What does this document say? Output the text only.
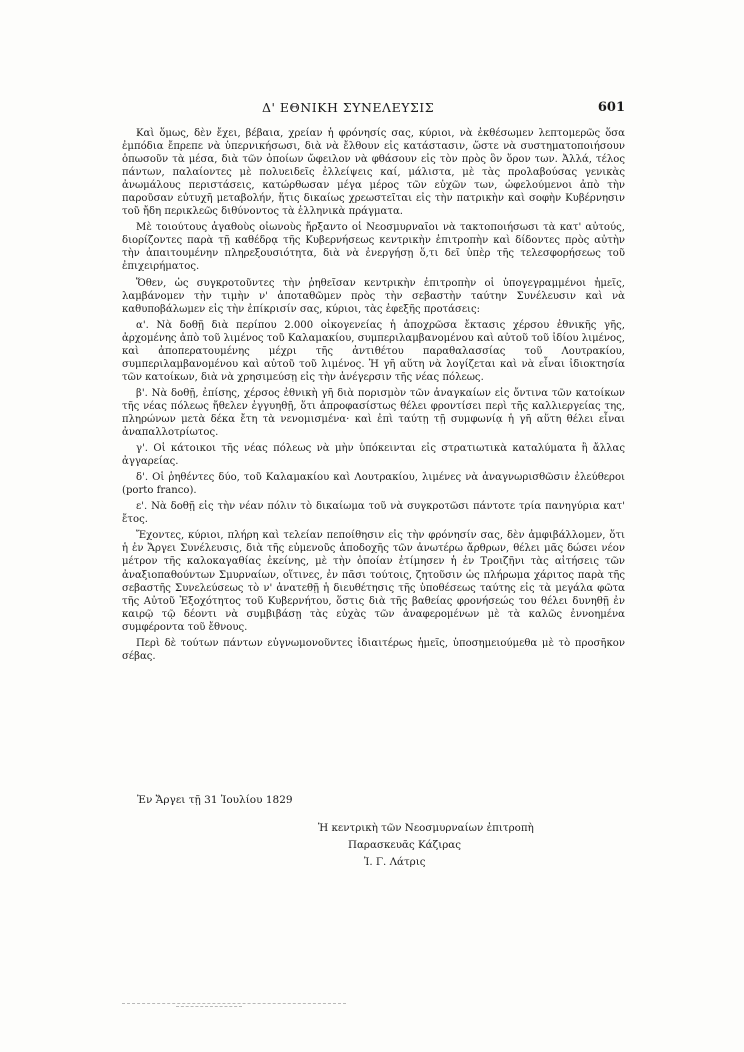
Δ' ΕΘΝΙΚΗ ΣΥΝΕΛΕΥΣΙΣ	601

Καὶ ὅμως, δὲν ἔχει, βέβαια, χρείαν ἡ φρόνησίς σας, κύριοι, νὰ ἐκθέσωμεν λεπτομερῶς ὅσα ἐμπόδια ἔπρεπε νὰ ὑπερνικήσωσι, διὰ νὰ ἔλθουν εἰς κατάστασιν, ὥστε νὰ συστηματοποιήσουν ὁπωσοῦν τὰ μέσα, διὰ τῶν ὁποίων ὤφειλον νὰ φθάσουν εἰς τὸν πρὸς ὃν ὅρον των. Ἀλλά, τέλος πάντων, παλαίοντες μὲ πολυειδεῖς ἐλλείψεις καί, μάλιστα, μὲ τὰς προλαβούσας γενικὰς ἀνωμάλους περιστάσεις, κατώρθωσαν μέγα μέρος τῶν εὐχῶν των, ὠφελούμενοι ἀπὸ τὴν παροῦσαν εὐτυχῆ μεταβολήν, ἥτις δικαίως χρεωστεῖται εἰς τὴν πατρικὴν καὶ σοφὴν Κυβέρνησιν τοῦ ἤδη περικλεῶς διθύνοντος τὰ ἑλληνικὰ πράγματα.

Μὲ τοιούτους ἀγαθοὺς οἰωνοὺς ἤρξαντο οἱ Νεοσμυρναῖοι νὰ τακτοποιήσωσι τὰ κατ' αὐτούς, διορίζοντες παρὰ τῇ καθέδρᾳ τῆς Κυβερνήσεως κεντρικὴν ἐπιτροπὴν καὶ δίδοντες πρὸς αὐτὴν τὴν ἀπαιτουμένην πληρεξουσιότητα, διὰ νὰ ἐνεργήσῃ ὅ,τι δεῖ ὑπὲρ τῆς τελεσφορήσεως τοῦ ἐπιχειρήματος.

Ὅθεν, ὡς συγκροτοῦντες τὴν ῥηθεῖσαν κεντρικὴν ἐπιτροπὴν οἱ ὑπογεγραμμένοι ἡμεῖς, λαμβάνομεν τὴν τιμὴν ν' ἀποταθῶμεν πρὸς τὴν σεβαστὴν ταύτην Συνέλευσιν καὶ νὰ καθυποβάλωμεν εἰς τὴν ἐπίκρισίν σας, κύριοι, τὰς ἐφεξῆς προτάσεις:

α'. Νὰ δοθῇ διὰ περίπου 2.000 οἰκογενείας ἡ ἀποχρῶσα ἔκτασις χέρσου ἐθνικῆς γῆς, ἀρχομένης ἀπὸ τοῦ λιμένος τοῦ Καλαμακίου, συμπεριλαμβανομένου καὶ αὐτοῦ τοῦ ἰδίου λιμένος, καὶ ἀποπερατουμένης μέχρι τῆς ἀντιθέτου παραθαλασσίας τοῦ Λουτρακίου, συμπεριλαμβανομένου καὶ αὐτοῦ τοῦ λιμένος. Ἡ γῆ αὕτη νὰ λογίζεται καὶ νὰ εἶναι ἰδιοκτησία τῶν κατοίκων, διὰ νὰ χρησιμεύσῃ εἰς τὴν ἀνέγερσιν τῆς νέας πόλεως.

β'. Νὰ δοθῇ, ἐπίσης, χέρσος ἐθνικὴ γῆ διὰ πορισμὸν τῶν ἀναγκαίων εἰς ὄντινα τῶν κατοίκων τῆς νέας πόλεως ἤθελεν ἐγγυηθῇ, ὅτι ἀπροφασίστως θέλει φροντίσει περὶ τῆς καλλιεργείας της, πληρώνων μετὰ δέκα ἔτη τὰ νενομισμένα· καὶ ἐπὶ ταύτῃ τῇ συμφωνίᾳ ἡ γῆ αὕτη θέλει εἶναι ἀναπαλλοτρίωτος.

γ'. Οἱ κάτοικοι τῆς νέας πόλεως νὰ μὴν ὑπόκεινται εἰς στρατιωτικὰ καταλύματα ἢ ἄλλας ἀγγαρείας.

δ'. Οἱ ῥηθέντες δύο, τοῦ Καλαμακίου καὶ Λουτρακίου, λιμένες νὰ ἀναγνωρισθῶσιν ἐλεύθεροι (porto franco).

ε'. Νὰ δοθῇ εἰς τὴν νέαν πόλιν τὸ δικαίωμα τοῦ νὰ συγκροτῶσι πάντοτε τρία πανηγύρια κατ' ἔτος.

Ἔχοντες, κύριοι, πλήρη καὶ τελείαν πεποίθησιν εἰς τὴν φρόνησίν σας, δὲν ἀμφιβάλλομεν, ὅτι ἡ ἐν Ἄργει Συνέλευσις, διὰ τῆς εὐμενοῦς ἀποδοχῆς τῶν ἀνωτέρω ἄρθρων, θέλει μᾶς δώσει νέον μέτρον τῆς καλοκαγαθίας ἐκείνης, μὲ τὴν ὁποίαν ἐτίμησεν ἡ ἐν Τροιζῆνι τὰς αἰτήσεις τῶν ἀναξιοπαθούντων Σμυρναίων, οἵτινες, ἐν πᾶσι τούτοις, ζητοῦσιν ὡς πλήρωμα χάριτος παρὰ τῆς σεβαστῆς Συνελεύσεως τὸ ν' ἀνατεθῇ ἡ διευθέτησις τῆς ὑποθέσεως ταύτης εἰς τὰ μεγάλα φῶτα τῆς Αὐτοῦ Ἐξοχότητος τοῦ Κυβερνήτου, ὅστις διὰ τῆς βαθείας φρονήσεώς του θέλει δυνηθῇ ἐν καιρῷ τῷ δέοντι νὰ συμβιβάσῃ τὰς εὐχὰς τῶν ἀναφερομένων μὲ τὰ καλῶς ἐννοημένα συμφέροντα τοῦ ἔθνους.

Περὶ δὲ τούτων πάντων εὐγνωμονοῦντες ἰδιαιτέρως ἡμεῖς, ὑποσημειούμεθα μὲ τὸ προσῆκον σέβας.

Ἐν Ἄργει τῇ 31 Ἰουλίου 1829
Ἡ κεντρικὴ τῶν Νεοσμυρναίων ἐπιτροπὴ
Παρασκευᾶς Κάζιρας
Ἰ. Γ. Λάτρις
